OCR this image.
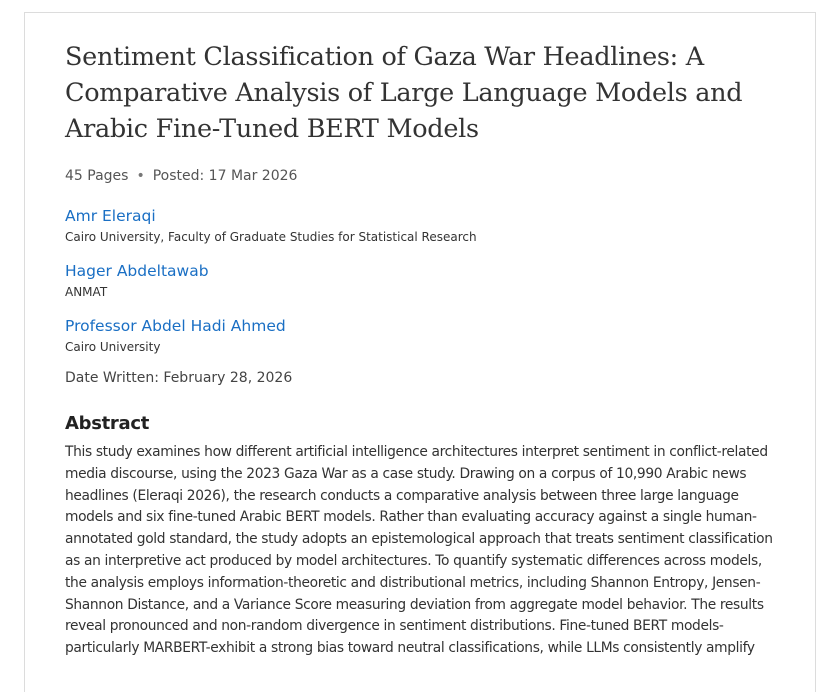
Sentiment Classification of Gaza War Headlines: A Comparative Analysis of Large Language Models and Arabic Fine-Tuned BERT Models
45 Pages • Posted: 17 Mar 2026
Amr Eleraqi
Cairo University, Faculty of Graduate Studies for Statistical Research
Hager Abdeltawab
ANMAT
Professor Abdel Hadi Ahmed
Cairo University
Date Written: February 28, 2026
Abstract
This study examines how different artificial intelligence architectures interpret sentiment in conflict-related media discourse, using the 2023 Gaza War as a case study. Drawing on a corpus of 10,990 Arabic news headlines (Eleraqi 2026), the research conducts a comparative analysis between three large language models and six fine-tuned Arabic BERT models. Rather than evaluating accuracy against a single human-annotated gold standard, the study adopts an epistemological approach that treats sentiment classification as an interpretive act produced by model architectures. To quantify systematic differences across models, the analysis employs information-theoretic and distributional metrics, including Shannon Entropy, Jensen-Shannon Distance, and a Variance Score measuring deviation from aggregate model behavior. The results reveal pronounced and non-random divergence in sentiment distributions. Fine-tuned BERT models-particularly MARBERT-exhibit a strong bias toward neutral classifications, while LLMs consistently amplify
